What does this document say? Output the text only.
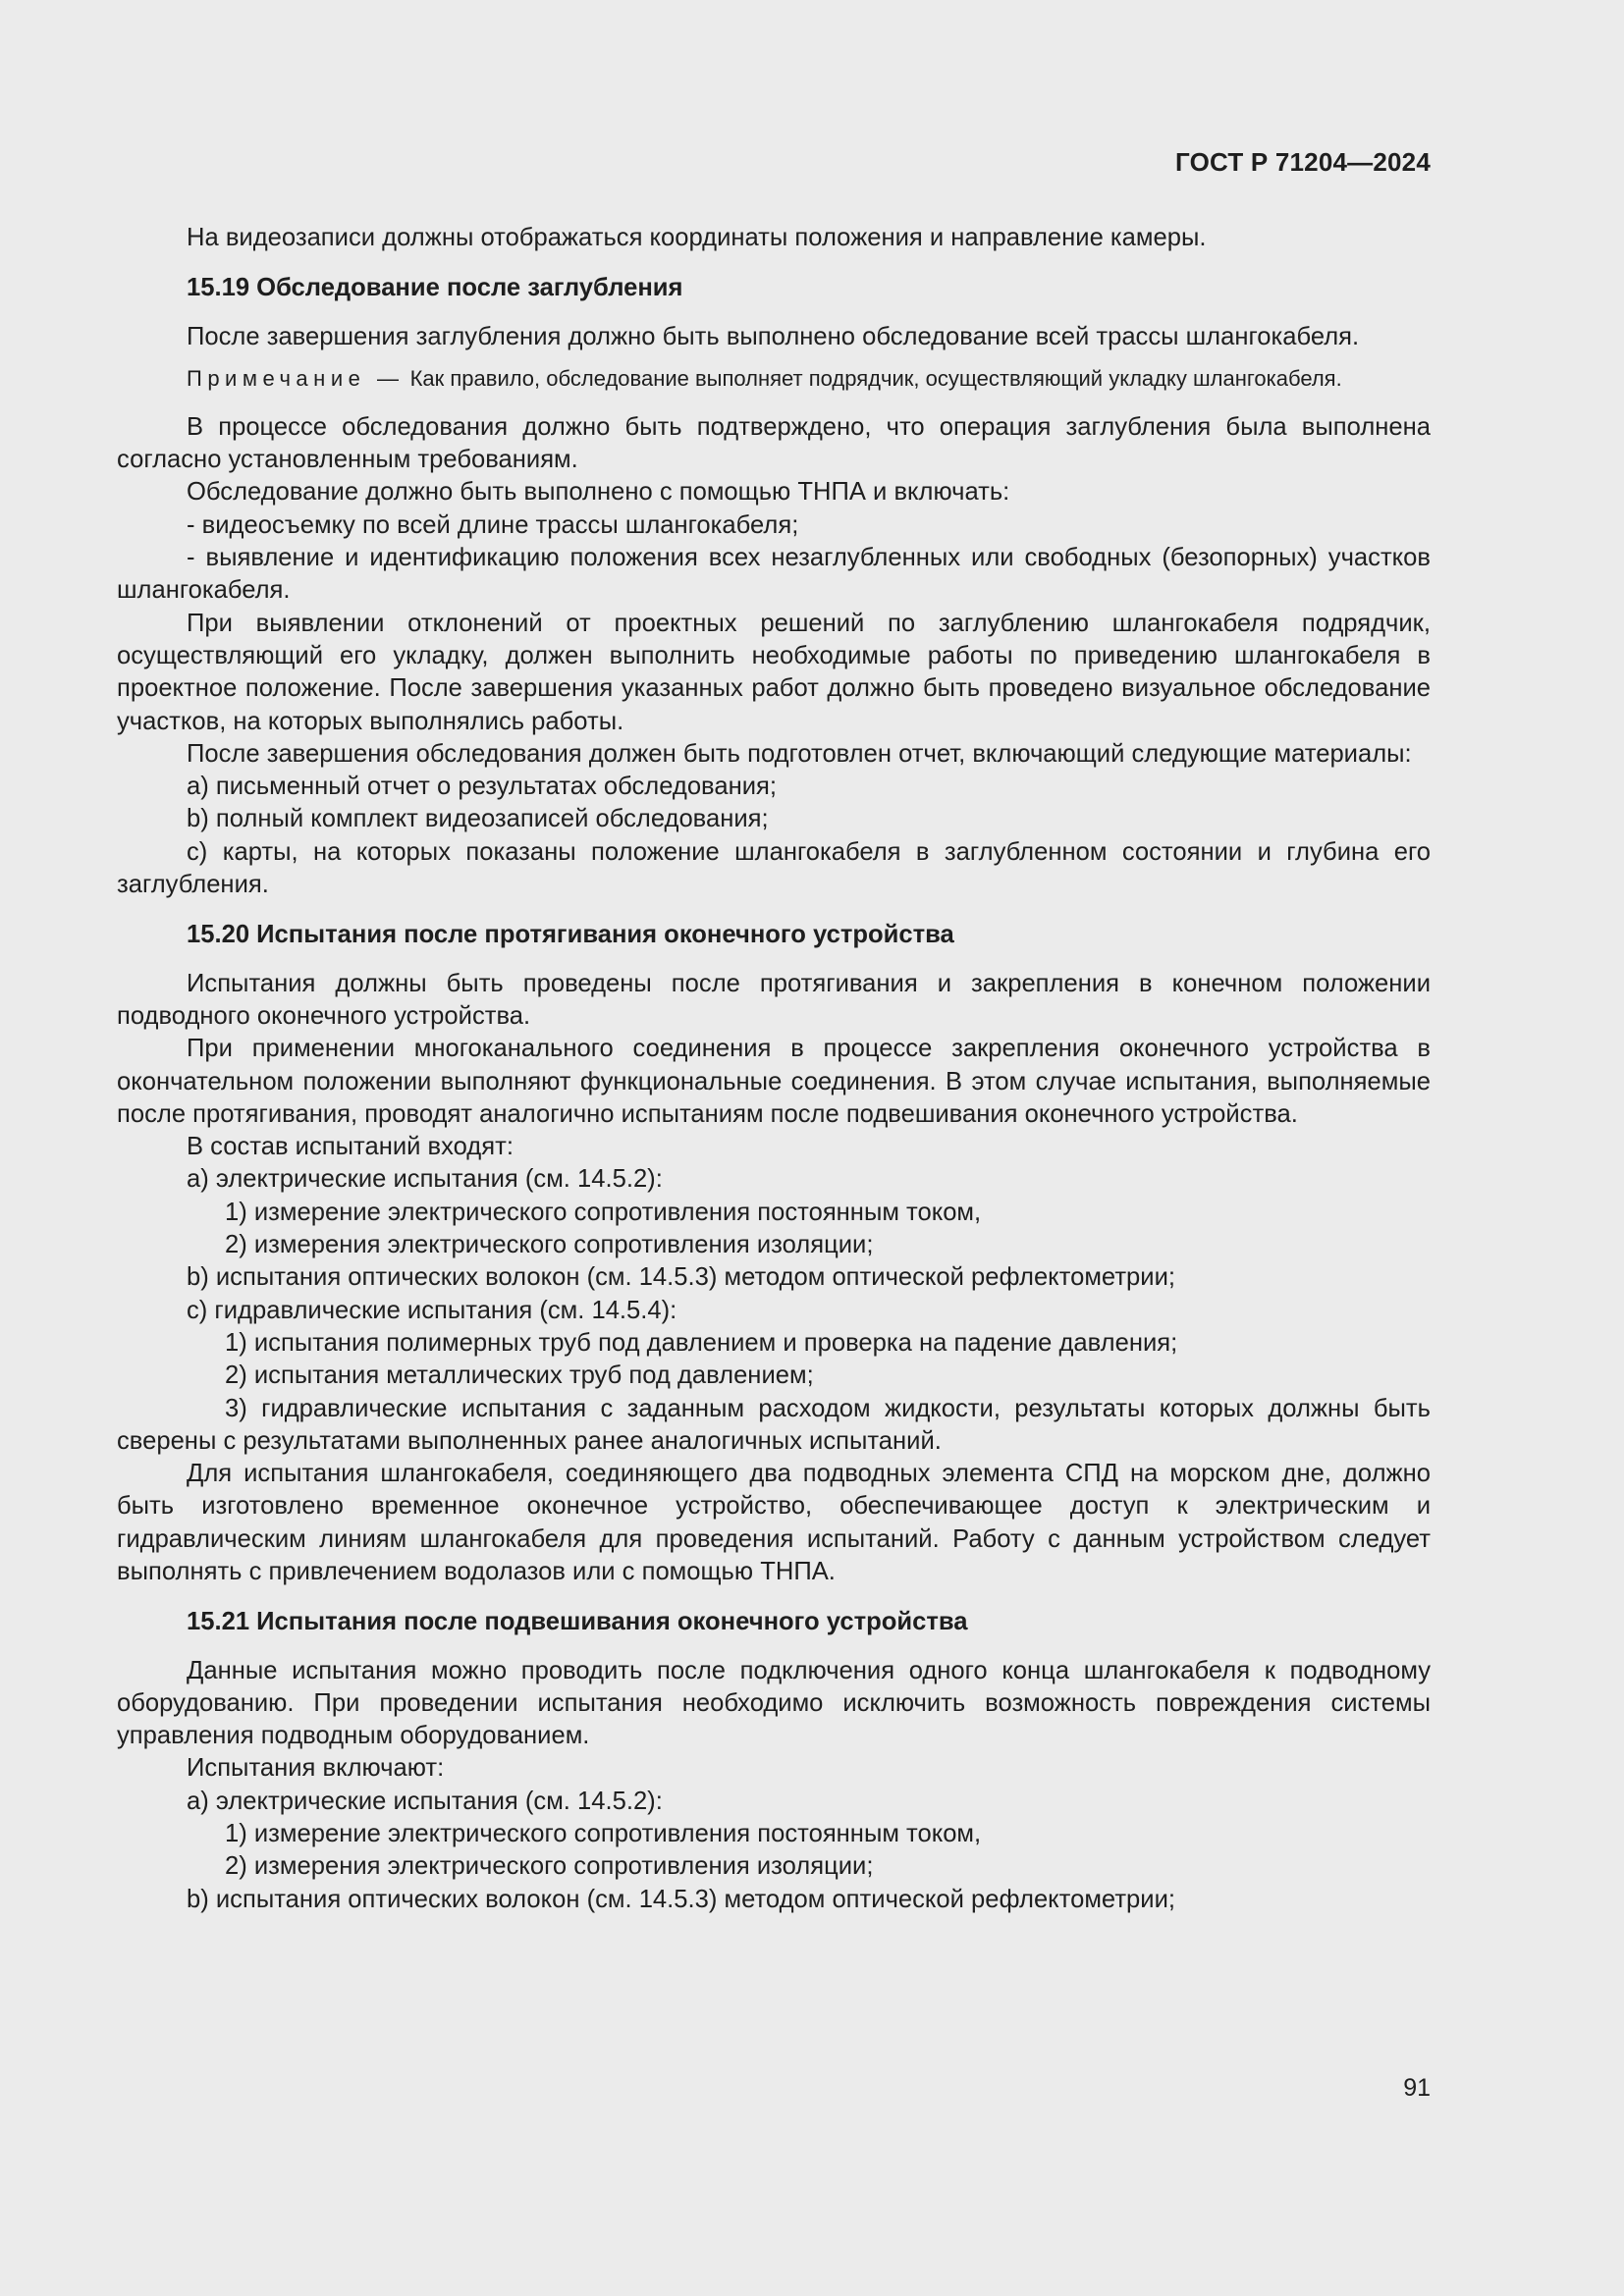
ГОСТ Р 71204—2024

На видеозаписи должны отображаться координаты положения и направление камеры.

15.19 Обследование после заглубления

После завершения заглубления должно быть выполнено обследование всей трассы шлангокабеля.

Примечание — Как правило, обследование выполняет подрядчик, осуществляющий укладку шлангокабеля.

В процессе обследования должно быть подтверждено, что операция заглубления была выполнена согласно установленным требованиям.

Обследование должно быть выполнено с помощью ТНПА и включать:

- видеосъемку по всей длине трассы шлангокабеля;

- выявление и идентификацию положения всех незаглубленных или свободных (безопорных) участков шлангокабеля.

При выявлении отклонений от проектных решений по заглублению шлангокабеля подрядчик, осуществляющий его укладку, должен выполнить необходимые работы по приведению шлангокабеля в проектное положение. После завершения указанных работ должно быть проведено визуальное обследование участков, на которых выполнялись работы.

После завершения обследования должен быть подготовлен отчет, включающий следующие материалы:

a) письменный отчет о результатах обследования;

b) полный комплект видеозаписей обследования;

c) карты, на которых показаны положение шлангокабеля в заглубленном состоянии и глубина его заглубления.

15.20 Испытания после протягивания оконечного устройства

Испытания должны быть проведены после протягивания и закрепления в конечном положении подводного оконечного устройства.

При применении многоканального соединения в процессе закрепления оконечного устройства в окончательном положении выполняют функциональные соединения. В этом случае испытания, выполняемые после протягивания, проводят аналогично испытаниям после подвешивания оконечного устройства.

В состав испытаний входят:

a) электрические испытания (см. 14.5.2):

1) измерение электрического сопротивления постоянным током,

2) измерения электрического сопротивления изоляции;

b) испытания оптических волокон (см. 14.5.3) методом оптической рефлектометрии;

c) гидравлические испытания (см. 14.5.4):

1) испытания полимерных труб под давлением и проверка на падение давления;

2) испытания металлических труб под давлением;

3) гидравлические испытания с заданным расходом жидкости, результаты которых должны быть сверены с результатами выполненных ранее аналогичных испытаний.

Для испытания шлангокабеля, соединяющего два подводных элемента СПД на морском дне, должно быть изготовлено временное оконечное устройство, обеспечивающее доступ к электрическим и гидравлическим линиям шлангокабеля для проведения испытаний. Работу с данным устройством следует выполнять с привлечением водолазов или с помощью ТНПА.

15.21 Испытания после подвешивания оконечного устройства

Данные испытания можно проводить после подключения одного конца шлангокабеля к подводному оборудованию. При проведении испытания необходимо исключить возможность повреждения системы управления подводным оборудованием.

Испытания включают:

a) электрические испытания (см. 14.5.2):

1) измерение электрического сопротивления постоянным током,

2) измерения электрического сопротивления изоляции;

b) испытания оптических волокон (см. 14.5.3) методом оптической рефлектометрии;

91
